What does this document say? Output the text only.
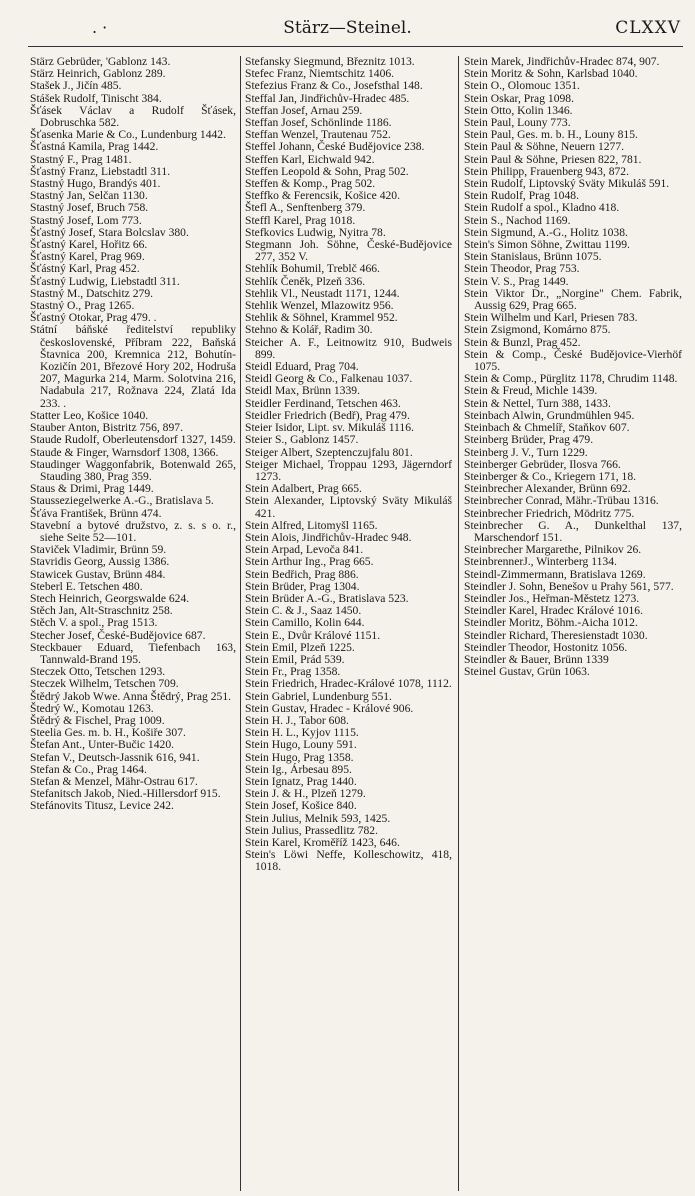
. ·	Stärz—Steinel.	CLXXV

Stärz Gebrüder, 'Gablonz 143.

Stärz Heinrich, Gablonz 289.

Stašek J., Jičín 485.

Stášek Rudolf, Tinischt 384.

Šťásek Václav a Rudolf Šťásek, Dobruschka 582.

Šťasenka Marie & Co., Lundenburg 1442.

Šťastná Kamila, Prag 1442.

Stastný F., Prag 1481.

Šťastný Franz, Liebstadtl 311.

Stastný Hugo, Brandýs 401.

Stastný Jan, Selčan 1130.

Stastný Josef, Bruch 758.

Stastný Josef, Lom 773.

Šťastný Josef, Stara Bolcslav 380.

Šťastný Karel, Hořitz 66.

Šťastný Karel, Prag 969.

Šťástný Karl, Prag 452.

Šťastný Ludwig, Liebstadtl 311.

Stastný M., Datschitz 279.

Stastný O., Prag 1265.

Šťastný Otokar, Prag 479. .

Státní báňské ředitelství republiky československé, Příbram 222, Baňská Štavnica 200, Kremnica 212, Bohutín-Kozičín 201, Březové Hory 202, Hodruša 207, Magurka 214, Marm. Solotvina 216, Nadabula 217, Rožnava 224, Zlatá Ida 233. .

Statter Leo, Košice 1040.

Stauber Anton, Bistritz 756, 897.

Staude Rudolf, Oberleutensdorf 1327, 1459.

Staude & Finger, Warnsdorf 1308, 1366.

Staudinger Waggonfabrik, Botenwald 265, Stauding 380, Prag 359.

Staus & Drimi, Prag 1449.

Stausseziegelwerke A.-G., Bratislava 5.

Šťáva František, Brünn 474.

Stavební a bytové družstvo, z. s. s o. r., siehe Seite 52—101.

Staviček Vladimir, Brünn 59.

Stavridis Georg, Aussig 1386.

Stawicek Gustav, Brünn 484.

Steberl E. Tetschen 480.

Stech Heinrich, Georgswalde 624.

Stěch Jan, Alt-Straschnitz 258.

Stěch V. a spol., Prag 1513.

Stecher Josef, České-Budějovice 687.

Steckbauer Eduard, Tiefenbach 163, Tannwald-Brand 195.

Steczek Otto, Tetschen 1293.

Steczek Wilhelm, Tetschen 709.

Štědrý Jakob Wwe. Anna Štědrý, Prag 251.

Štedrý W., Komotau 1263.

Štědrý & Fischel, Prag 1009.

Steelia Ges. m. b. H., Košiře 307.

Štefan Ant., Unter-Bučic 1420.

Stefan V., Deutsch-Jassnik 616, 941.

Stefan & Co., Prag 1464.

Stefan & Menzel, Mähr-Ostrau 617.

Stefanitsch Jakob, Nied.-Hillersdorf 915.

Stefánovits Titusz, Levice 242.

Stefansky Siegmund, Březnitz 1013.

Stefec Franz, Niemtschitz 1406.

Stefezius Franz & Co., Josefsthal 148.

Steffal Jan, Jindřichův-Hradec 485.

Steffan Josef, Arnau 259.

Steffan Josef, Schönlinde 1186.

Steffan Wenzel, Trautenau 752.

Steffel Johann, České Budějovice 238.

Steffen Karl, Eichwald 942.

Steffen Leopold & Sohn, Prag 502.

Steffen & Komp., Prag 502.

Steffko & Ferencsik, Košice 420.

Štefl A., Senftenberg 379.

Steffl Karel, Prag 1018.

Stefkovics Ludwig, Nyitra 78.

Stegmann Joh. Söhne, České-Budějovice 277, 352 V.

Stehlík Bohumil, Treblč 466.

Stehlík Čeněk, Plzeň 336.

Stehlik Vl., Neustadt 1171, 1244.

Stehlik Wenzel, Mlazowitz 956.

Stehlik & Söhnel, Krammel 952.

Stehno & Kolář, Radim 30.

Steicher A. F., Leitnowitz 910, Budweis 899.

Steidl Eduard, Prag 704.

Steidl Georg & Co., Falkenau 1037.

Steidl Max, Brünn 1339.

Steidler Ferdinand, Tetschen 463.

Steidler Friedrich (Bedř), Prag 479.

Steier Isidor, Lipt. sv. Mikuláš 1116.

Steier S., Gablonz 1457.

Steiger Albert, Szeptenczujfalu 801.

Steiger Michael, Troppau 1293, Jägerndorf 1273.

Stein Adalbert, Prag 665.

Stein Alexander, Liptovský Sväty Mikuláš 421.

Stein Alfred, Litomyšl 1165.

Stein Alois, Jindřichův-Hradec 948.

Stein Arpad, Levoča 841.

Stein Arthur Ing., Prag 665.

Stein Bedřich, Prag 886.

Stein Brüder, Prag 1304.

Stein Brüder A.-G., Bratislava 523.

Stein C. & J., Saaz 1450.

Stein Camillo, Kolin 644.

Stein E., Dvůr Králové 1151.

Stein Emil, Plzeň 1225.

Stein Emil, Prád 539.

Stein Fr., Prag 1358.

Stein Friedrich, Hradec-Králové 1078, 1112.

Stein Gabriel, Lundenburg 551.

Stein Gustav, Hradec - Králové 906.

Stein H. J., Tabor 608.

Stein H. L., Kyjov 1115.

Stein Hugo, Louny 591.

Stein Hugo, Prag 1358.

Stein Ig., Árbesau 895.

Stein Ignatz, Prag 1440.

Stein J. & H., Plzeň 1279.

Stein Josef, Košice 840.

Stein Julius, Melnik 593, 1425.

Stein Julius, Prassedlitz 782.

Stein Karel, Kroměříž 1423, 646.

Stein's Löwi Neffe, Kolleschowitz, 418, 1018.

Stein Marek, Jindřichův-Hradec 874, 907.

Stein Moritz & Sohn, Karlsbad 1040.

Stein O., Olomouc 1351.

Stein Oskar, Prag 1098.

Stein Otto, Kolin 1346.

Stein Paul, Louny 773.

Stein Paul, Ges. m. b. H., Louny 815.

Stein Paul & Söhne, Neuern 1277.

Stein Paul & Söhne, Priesen 822, 781.

Stein Philipp, Frauenberg 943, 872.

Stein Rudolf, Liptovský Sväty Mikuláš 591.

Stein Rudolf, Prag 1048.

Stein Rudolf a spol., Kladno 418.

Stein S., Nachod 1169.

Stein Sigmund, A.-G., Holitz 1038.

Stein's Simon Söhne, Zwittau 1199.

Stein Stanislaus, Brünn 1075.

Stein Theodor, Prag 753.

Stein V. S., Prag 1449.

Stein Viktor Dr., „Norgine" Chem. Fabrik, Aussig 629, Prag 665.

Stein Wilhelm und Karl, Priesen 783.

Stein Zsigmond, Komárno 875.

Stein & Bunzl, Prag 452.

Stein & Comp., České Budějovice-Vierhöf 1075.

Stein & Comp., Pürglitz 1178, Chrudim 1148.

Stein & Freud, Michle 1439.

Stein & Nettel, Turn 388, 1433.

Steinbach Alwin, Grundmühlen 945.

Steinbach & Chmelíř, Staňkov 607.

Steinberg Brüder, Prag 479.

Steinberg J. V., Turn 1229.

Steinberger Gebrüder, Ilosva 766.

Steinberger & Co., Kriegern 171, 18.

Steinbrecher Alexander, Brünn 692.

Steinbrecher Conrad, Mähr.-Trübau 1316.

Steinbrecher Friedrich, Mödritz 775.

Steinbrecher G. A., Dunkelthal 137, Marschendorf 151.

Steinbrecher Margarethe, Pilnikov 26.

SteinbrennerJ., Winterberg 1134.

Steindl-Zimmermann, Bratislava 1269.

Steindler J. Sohn, Benešov u Prahy 561, 577.

Steindler Jos., Heřman-Městetz 1273.

Steindler Karel, Hradec Králové 1016.

Steindler Moritz, Böhm.-Aicha 1012.

Steindler Richard, Theresienstadt 1030.

Steindler Theodor, Hostonitz 1056.

Steindler & Bauer, Brünn 1339

Steinel Gustav, Grün 1063.
